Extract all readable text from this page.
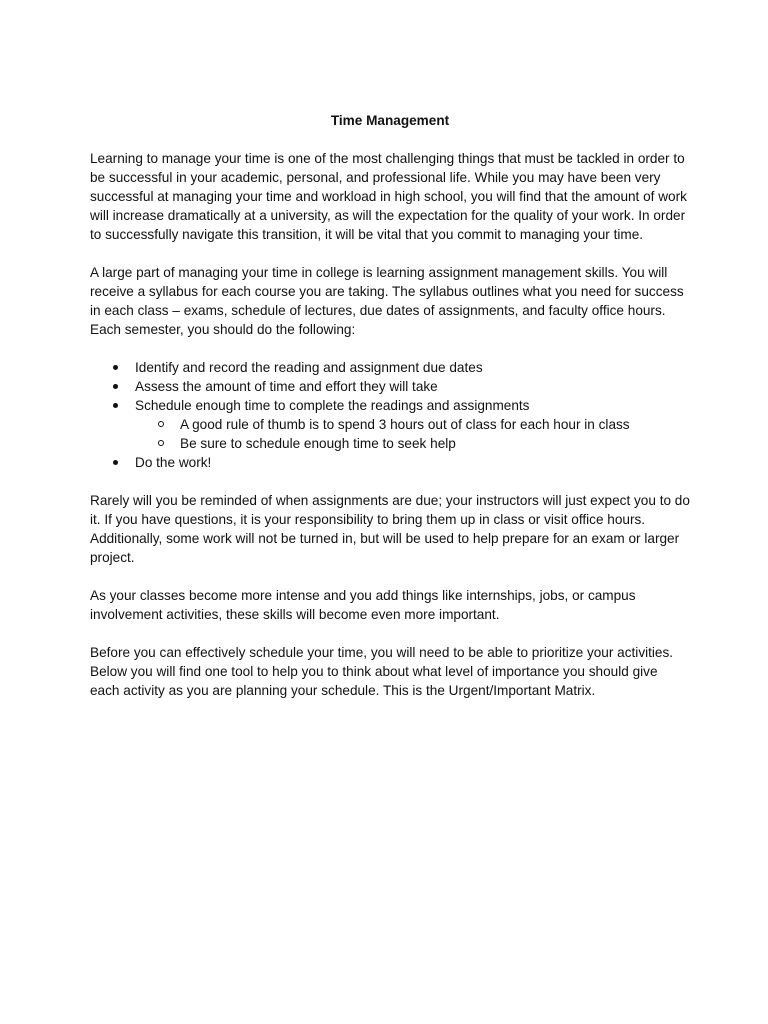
Time Management

Learning to manage your time is one of the most challenging things that must be tackled in order to be successful in your academic, personal, and professional life. While you may have been very successful at managing your time and workload in high school, you will find that the amount of work will increase dramatically at a university, as will the expectation for the quality of your work. In order to successfully navigate this transition, it will be vital that you commit to managing your time.

A large part of managing your time in college is learning assignment management skills. You will receive a syllabus for each course you are taking. The syllabus outlines what you need for success in each class – exams, schedule of lectures, due dates of assignments, and faculty office hours. Each semester, you should do the following:

Identify and record the reading and assignment due dates
Assess the amount of time and effort they will take
Schedule enough time to complete the readings and assignments
A good rule of thumb is to spend 3 hours out of class for each hour in class
Be sure to schedule enough time to seek help
Do the work!

Rarely will you be reminded of when assignments are due; your instructors will just expect you to do it. If you have questions, it is your responsibility to bring them up in class or visit office hours. Additionally, some work will not be turned in, but will be used to help prepare for an exam or larger project.

As your classes become more intense and you add things like internships, jobs, or campus involvement activities, these skills will become even more important.

Before you can effectively schedule your time, you will need to be able to prioritize your activities. Below you will find one tool to help you to think about what level of importance you should give each activity as you are planning your schedule. This is the Urgent/Important Matrix.
